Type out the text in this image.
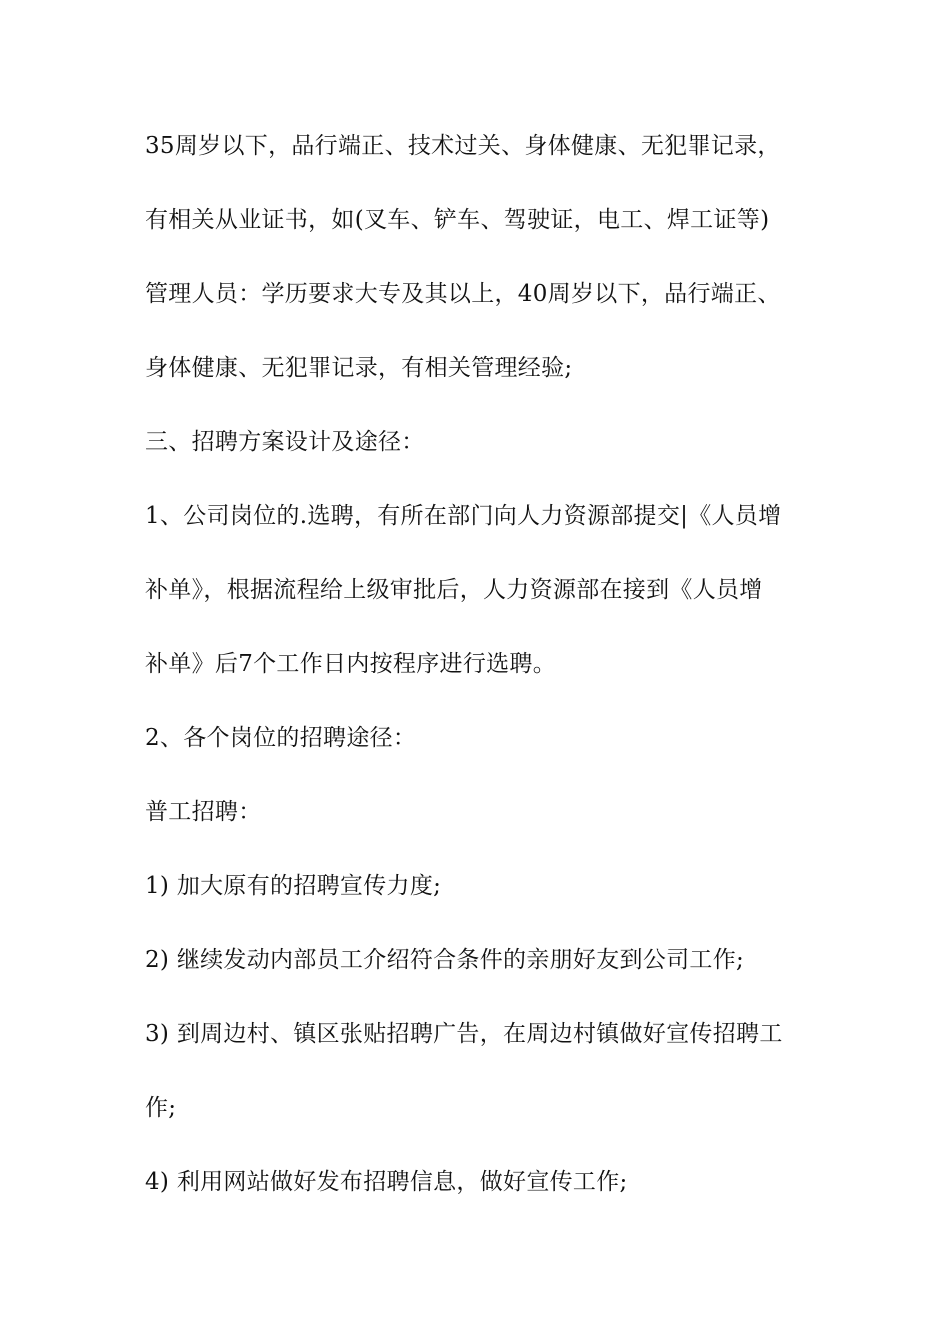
35周岁以下，品行端正、技术过关、身体健康、无犯罪记录，
有相关从业证书，如(叉车、铲车、驾驶证，电工、焊工证等)
管理人员：学历要求大专及其以上，40周岁以下，品行端正、
身体健康、无犯罪记录，有相关管理经验;
三、招聘方案设计及途径：
1、公司岗位的.选聘，有所在部门向人力资源部提交|《人员增
补单》，根据流程给上级审批后，人力资源部在接到《人员增
补单》后7个工作日内按程序进行选聘。
2、各个岗位的招聘途径：
普工招聘：
1) 加大原有的招聘宣传力度;
2) 继续发动内部员工介绍符合条件的亲朋好友到公司工作;
3) 到周边村、镇区张贴招聘广告，在周边村镇做好宣传招聘工
作;
4) 利用网站做好发布招聘信息，做好宣传工作;
